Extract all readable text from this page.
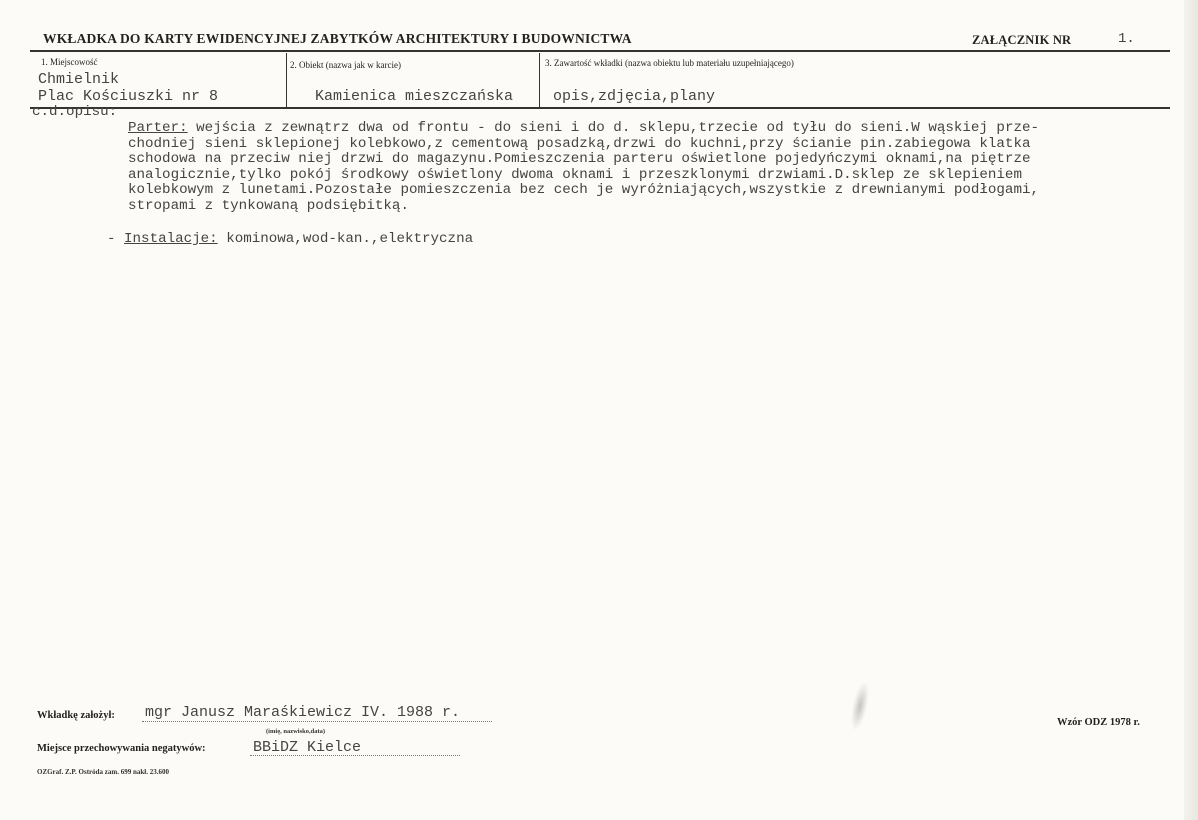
WKŁADKA DO KARTY EWIDENCYJNEJ ZABYTKÓW ARCHITEKTURY I BUDOWNICTWA	ZAŁĄCZNIK NR	1.
1. Miejscowość	2. Obiekt (nazwa jak w karcie)	3. Zawartość wkładki (nazwa obiektu lub materiału uzupełniającego)
Chmielnik
Plac Kościuszki nr 8	Kamienica mieszczańska	opis,zdjęcia,plany
c.d.opisu:
Parter: wejścia z zewnątrz dwa od frontu - do sieni i do d. sklepu,trzecie od tyłu do sieni.W wąskiej prze-
chodniej sieni sklepionej kolebkowo,z cementową posadzką,drzwi do kuchni,przy ścianie pin.zabiegowa klatka
schodowa na przeciw niej drzwi do magazynu.Pomieszczenia parteru oświetlone pojedyńczymi oknami,na piętrze
analogicznie,tylko pokój środkowy oświetlony dwoma oknami i przeszklonymi drzwiami.D.sklep ze sklepieniem
kolebkowym z lunetami.Pozostałe pomieszczenia bez cech je wyróżniających,wszystkie z drewnianymi podłogami,
stropami z tynkowaną podsiębitką.
- Instalacje: kominowa,wod-kan.,elektryczna
Wkładkę założył: mgr Janusz Maraśkiewicz IV. 1988 r.
(imię, nazwisko,data)
Miejsce przechowywania negatywów:	BBiDZ Kielce
OZGraf. Z.P. Ostróda zam. 699 nakł. 23.600
Wzór ODZ 1978 r.
